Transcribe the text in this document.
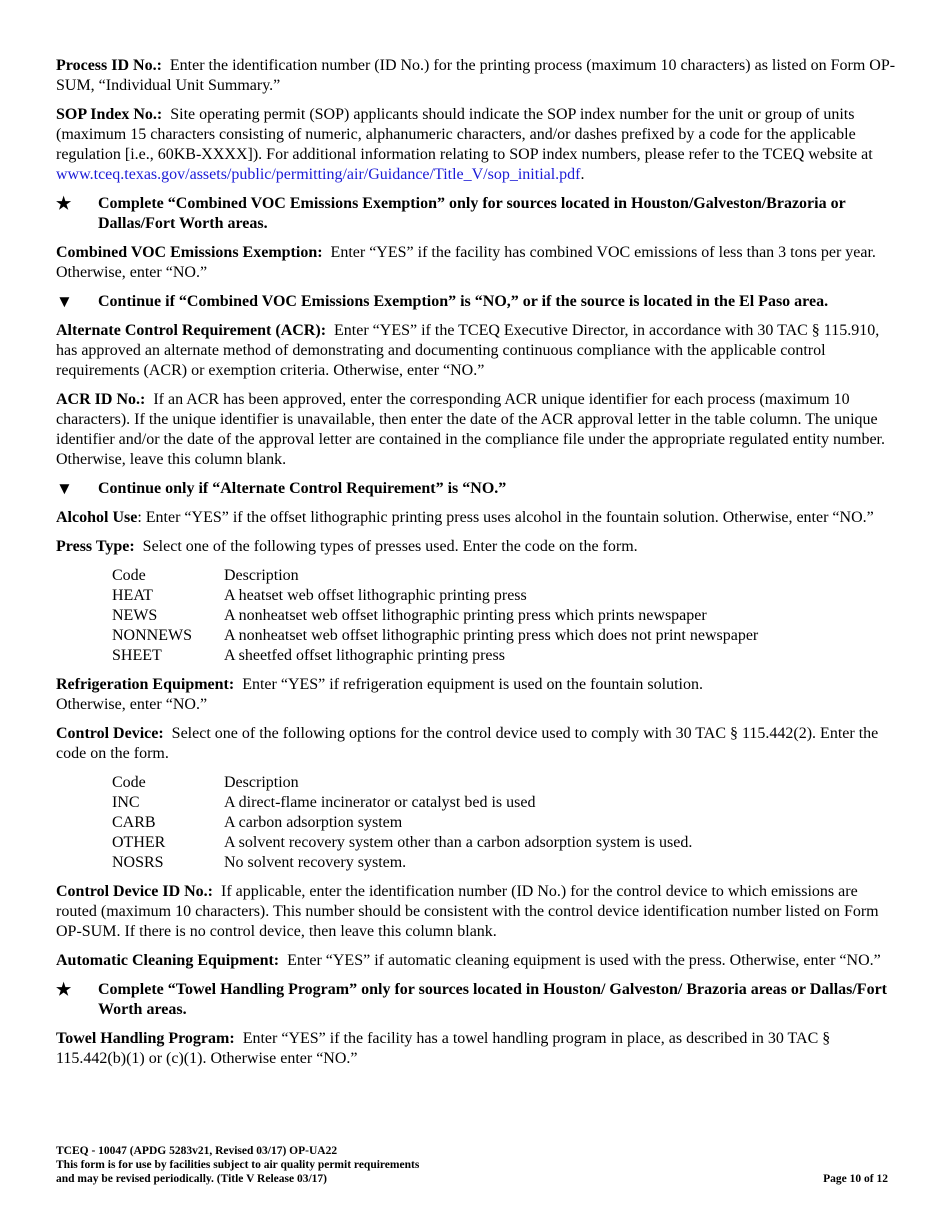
Process ID No.: Enter the identification number (ID No.) for the printing process (maximum 10 characters) as listed on Form OP-SUM, “Individual Unit Summary.”

SOP Index No.: Site operating permit (SOP) applicants should indicate the SOP index number for the unit or group of units (maximum 15 characters consisting of numeric, alphanumeric characters, and/or dashes prefixed by a code for the applicable regulation [i.e., 60KB-XXXX]). For additional information relating to SOP index numbers, please refer to the TCEQ website at www.tceq.texas.gov/assets/public/permitting/air/Guidance/Title_V/sop_initial.pdf.

★	Complete “Combined VOC Emissions Exemption” only for sources located in Houston/Galveston/Brazoria or Dallas/Fort Worth areas.

Combined VOC Emissions Exemption: Enter “YES” if the facility has combined VOC emissions of less than 3 tons per year. Otherwise, enter “NO.”

▼	Continue if “Combined VOC Emissions Exemption” is “NO,” or if the source is located in the El Paso area.

Alternate Control Requirement (ACR): Enter “YES” if the TCEQ Executive Director, in accordance with 30 TAC § 115.910, has approved an alternate method of demonstrating and documenting continuous compliance with the applicable control requirements (ACR) or exemption criteria. Otherwise, enter “NO.”

ACR ID No.: If an ACR has been approved, enter the corresponding ACR unique identifier for each process (maximum 10 characters). If the unique identifier is unavailable, then enter the date of the ACR approval letter in the table column. The unique identifier and/or the date of the approval letter are contained in the compliance file under the appropriate regulated entity number. Otherwise, leave this column blank.

▼	Continue only if “Alternate Control Requirement” is “NO.”

Alcohol Use: Enter “YES” if the offset lithographic printing press uses alcohol in the fountain solution. Otherwise, enter “NO.”

Press Type: Select one of the following types of presses used. Enter the code on the form.

Code	Description
HEAT	A heatset web offset lithographic printing press
NEWS	A nonheatset web offset lithographic printing press which prints newspaper
NONNEWS	A nonheatset web offset lithographic printing press which does not print newspaper
SHEET	A sheetfed offset lithographic printing press

Refrigeration Equipment: Enter “YES” if refrigeration equipment is used on the fountain solution.
Otherwise, enter “NO.”

Control Device: Select one of the following options for the control device used to comply with 30 TAC § 115.442(2). Enter the code on the form.

Code	Description
INC	A direct-flame incinerator or catalyst bed is used
CARB	A carbon adsorption system
OTHER	A solvent recovery system other than a carbon adsorption system is used.
NOSRS	No solvent recovery system.

Control Device ID No.: If applicable, enter the identification number (ID No.) for the control device to which emissions are routed (maximum 10 characters). This number should be consistent with the control device identification number listed on Form OP-SUM. If there is no control device, then leave this column blank.

Automatic Cleaning Equipment: Enter “YES” if automatic cleaning equipment is used with the press. Otherwise, enter “NO.”

★	Complete “Towel Handling Program” only for sources located in Houston/ Galveston/ Brazoria areas or Dallas/Fort Worth areas.

Towel Handling Program: Enter “YES” if the facility has a towel handling program in place, as described in 30 TAC § 115.442(b)(1) or (c)(1). Otherwise enter “NO.”

TCEQ - 10047 (APDG 5283v21, Revised 03/17) OP-UA22
This form is for use by facilities subject to air quality permit requirements
and may be revised periodically. (Title V Release 03/17)	Page 10 of 12
